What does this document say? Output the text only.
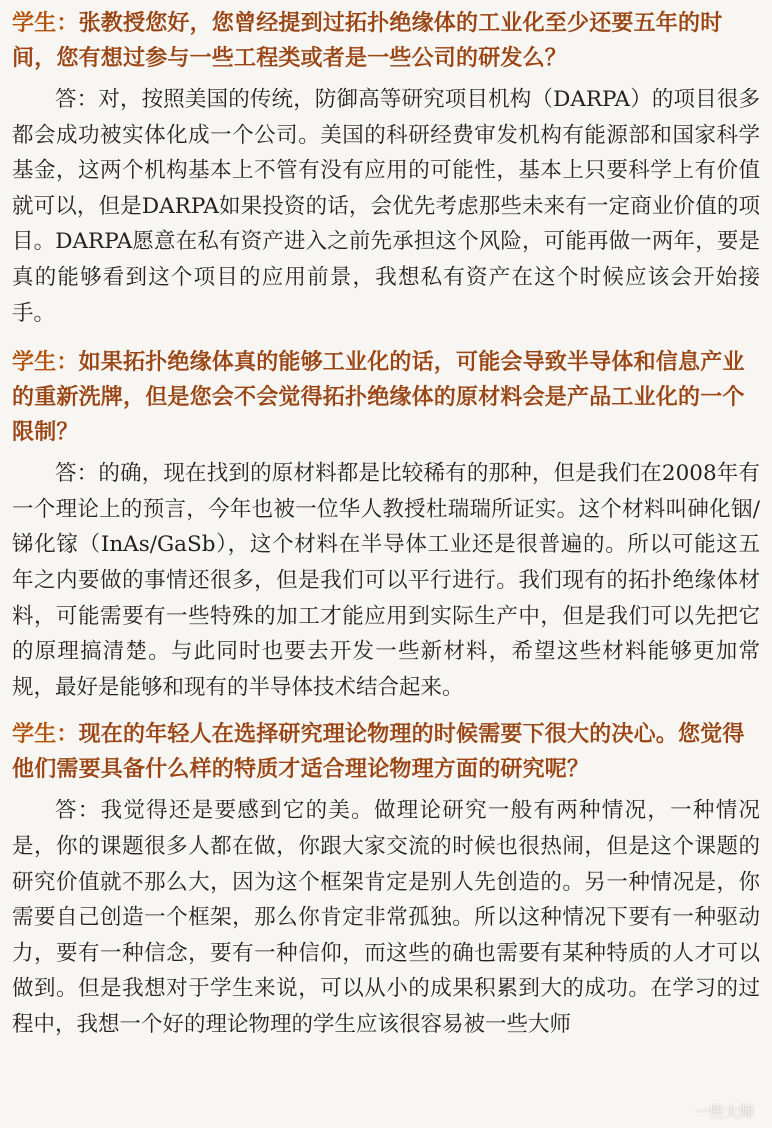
学生：张教授您好，您曾经提到过拓扑绝缘体的工业化至少还要五年的时间，您有想过参与一些工程类或者是一些公司的研发么？

答：对，按照美国的传统，防御高等研究项目机构（DARPA）的项目很多都会成功被实体化成一个公司。美国的科研经费审发机构有能源部和国家科学基金，这两个机构基本上不管有没有应用的可能性，基本上只要科学上有价值就可以，但是DARPA如果投资的话，会优先考虑那些未来有一定商业价值的项目。DARPA愿意在私有资产进入之前先承担这个风险，可能再做一两年，要是真的能够看到这个项目的应用前景，我想私有资产在这个时候应该会开始接手。

学生：如果拓扑绝缘体真的能够工业化的话，可能会导致半导体和信息产业的重新洗牌，但是您会不会觉得拓扑绝缘体的原材料会是产品工业化的一个限制？

答：的确，现在找到的原材料都是比较稀有的那种，但是我们在2008年有一个理论上的预言，今年也被一位华人教授杜瑞瑞所证实。这个材料叫砷化铟/锑化镓（InAs/GaSb），这个材料在半导体工业还是很普遍的。所以可能这五年之内要做的事情还很多，但是我们可以平行进行。我们现有的拓扑绝缘体材料，可能需要有一些特殊的加工才能应用到实际生产中，但是我们可以先把它的原理搞清楚。与此同时也要去开发一些新材料，希望这些材料能够更加常规，最好是能够和现有的半导体技术结合起来。

学生：现在的年轻人在选择研究理论物理的时候需要下很大的决心。您觉得他们需要具备什么样的特质才适合理论物理方面的研究呢？

答：我觉得还是要感到它的美。做理论研究一般有两种情况，一种情况是，你的课题很多人都在做，你跟大家交流的时候也很热闹，但是这个课题的研究价值就不那么大，因为这个框架肯定是别人先创造的。另一种情况是，你需要自己创造一个框架，那么你肯定非常孤独。所以这种情况下要有一种驱动力，要有一种信念，要有一种信仰，而这些的确也需要有某种特质的人才可以做到。但是我想对于学生来说，可以从小的成果积累到大的成功。在学习的过程中，我想一个好的理论物理的学生应该很容易被一些大师

一些大师
